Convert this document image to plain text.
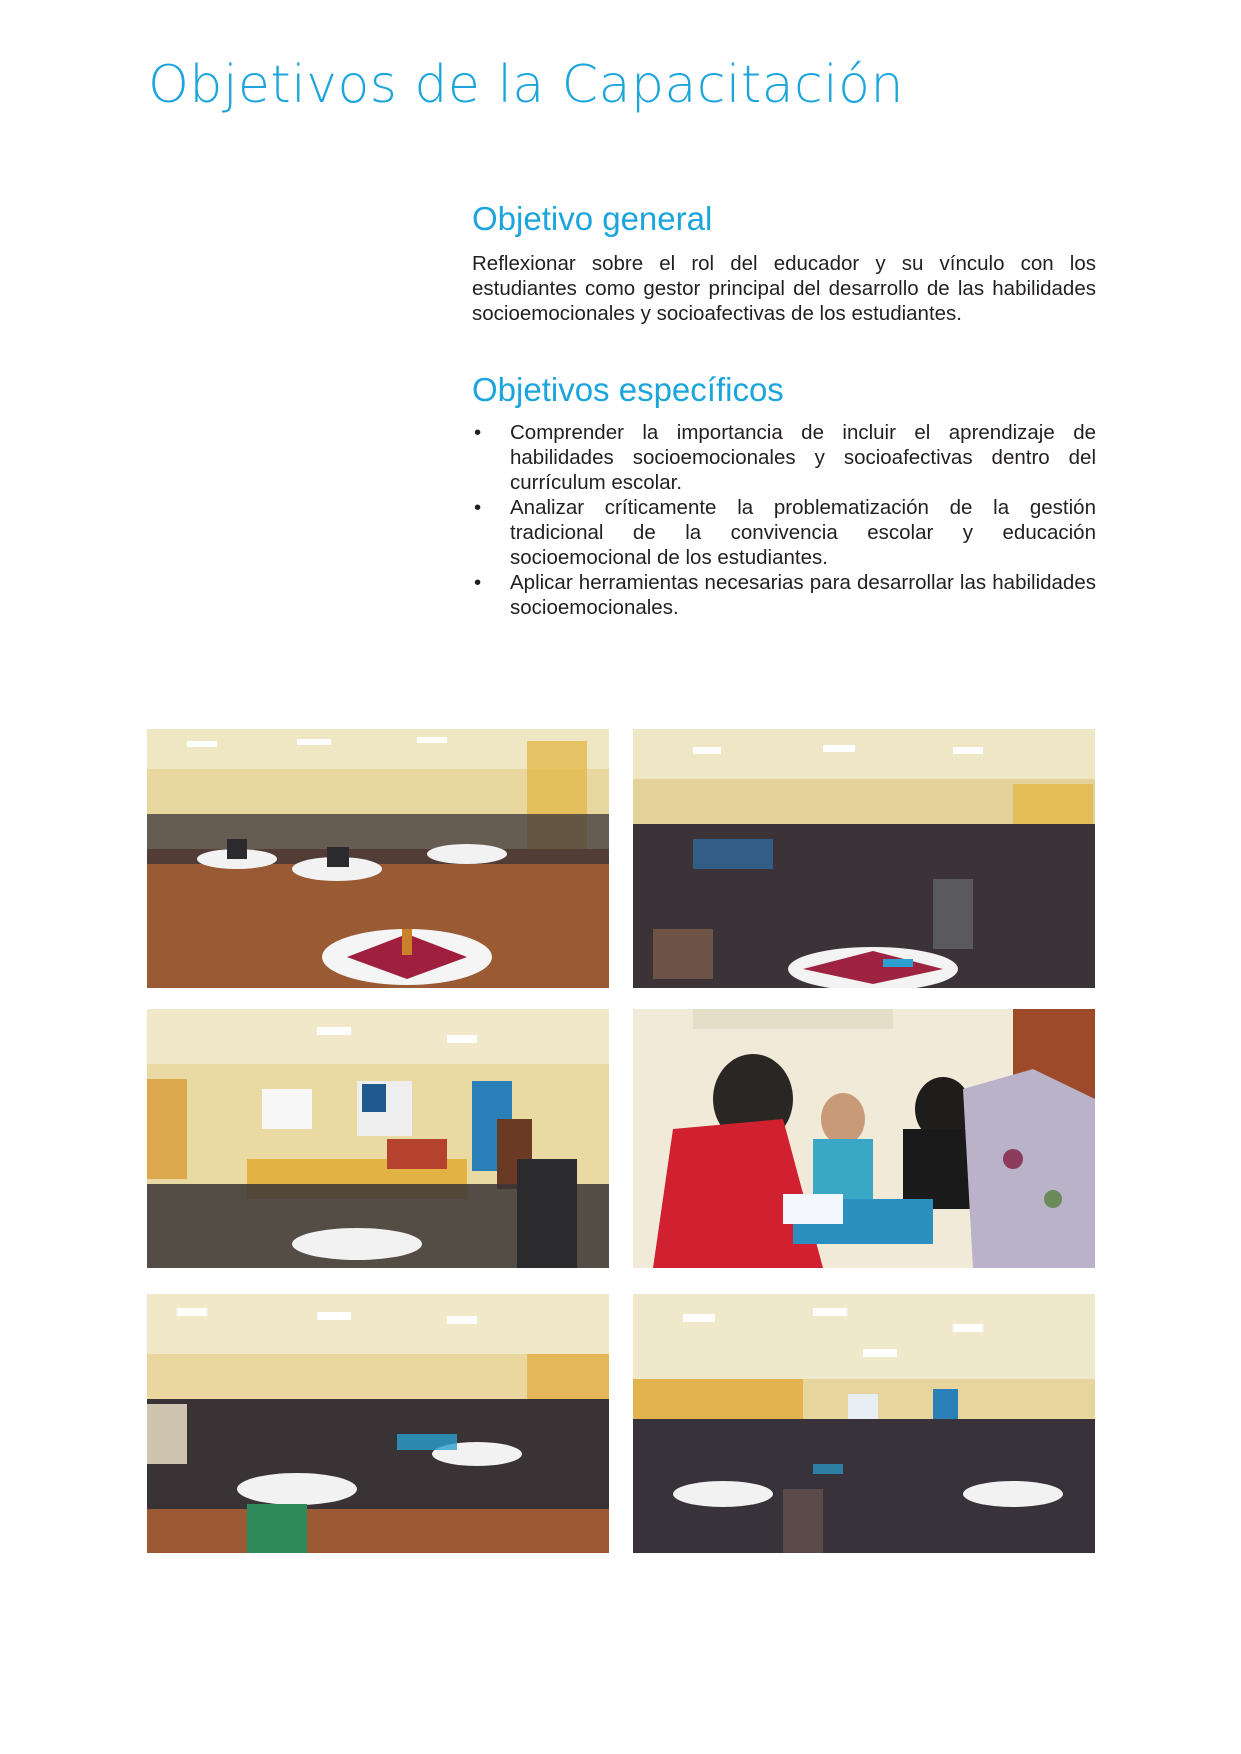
Objetivos de la Capacitación
Objetivo general

Reflexionar sobre el rol del educador y su vínculo con los estudiantes como gestor principal del desarrollo de las habilidades socioemocionales y socioafectivas de los estudiantes.

Objetivos específicos
• Comprender la importancia de incluir el aprendizaje de habilidades socioemocionales y socioafectivas dentro del currículum escolar.
• Analizar críticamente la problematización de la gestión tradicional de la convivencia escolar y educación socioemocional de los estudiantes.
• Aplicar herramientas necesarias para desarrollar las habilidades socioemocionales.
